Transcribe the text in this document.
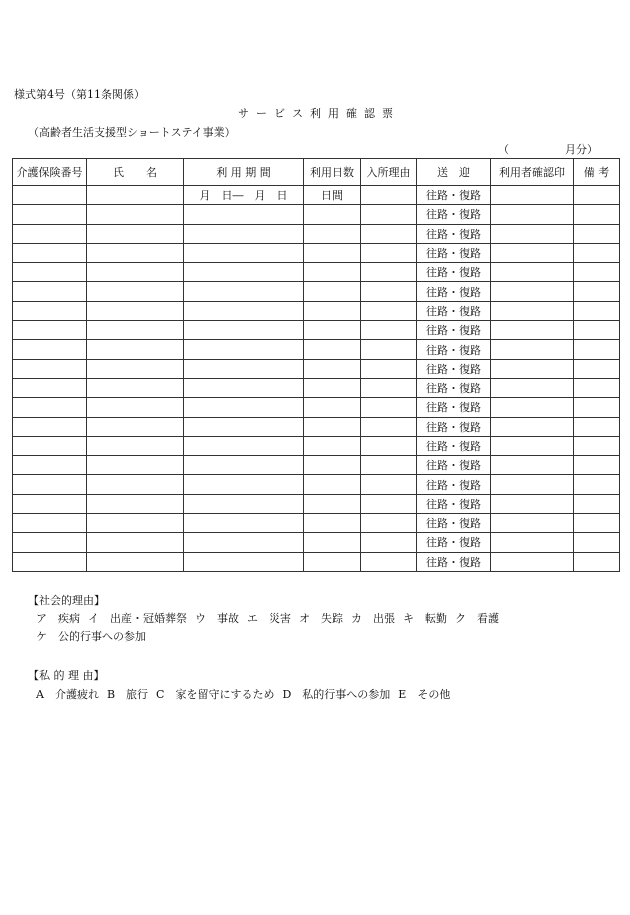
様式第4号（第11条関係）
サービス利用確認票
（高齢者生活支援型ショートステイ事業）
（	月分）
介護保険番号	氏　　名	利 用 期 間	利用日数	入所理由	送　迎	利用者確認印	備 考
		月　日―　月　日	日間		往路・復路		
					往路・復路		
					往路・復路		
					往路・復路		
					往路・復路		
					往路・復路		
					往路・復路		
					往路・復路		
					往路・復路		
					往路・復路		
					往路・復路		
					往路・復路		
					往路・復路		
					往路・復路		
					往路・復路		
					往路・復路		
					往路・復路		
					往路・復路		
					往路・復路		
					往路・復路		
【社会的理由】
ア　疾病 イ　出産・冠婚葬祭 ウ　事故 エ　災害 オ　失踪 カ　出張 キ　転勤 ク　看護
ケ　公的行事への参加
【私 的 理 由】
A　介護疲れ B　旅行 C　家を留守にするため D　私的行事への参加 E　その他
